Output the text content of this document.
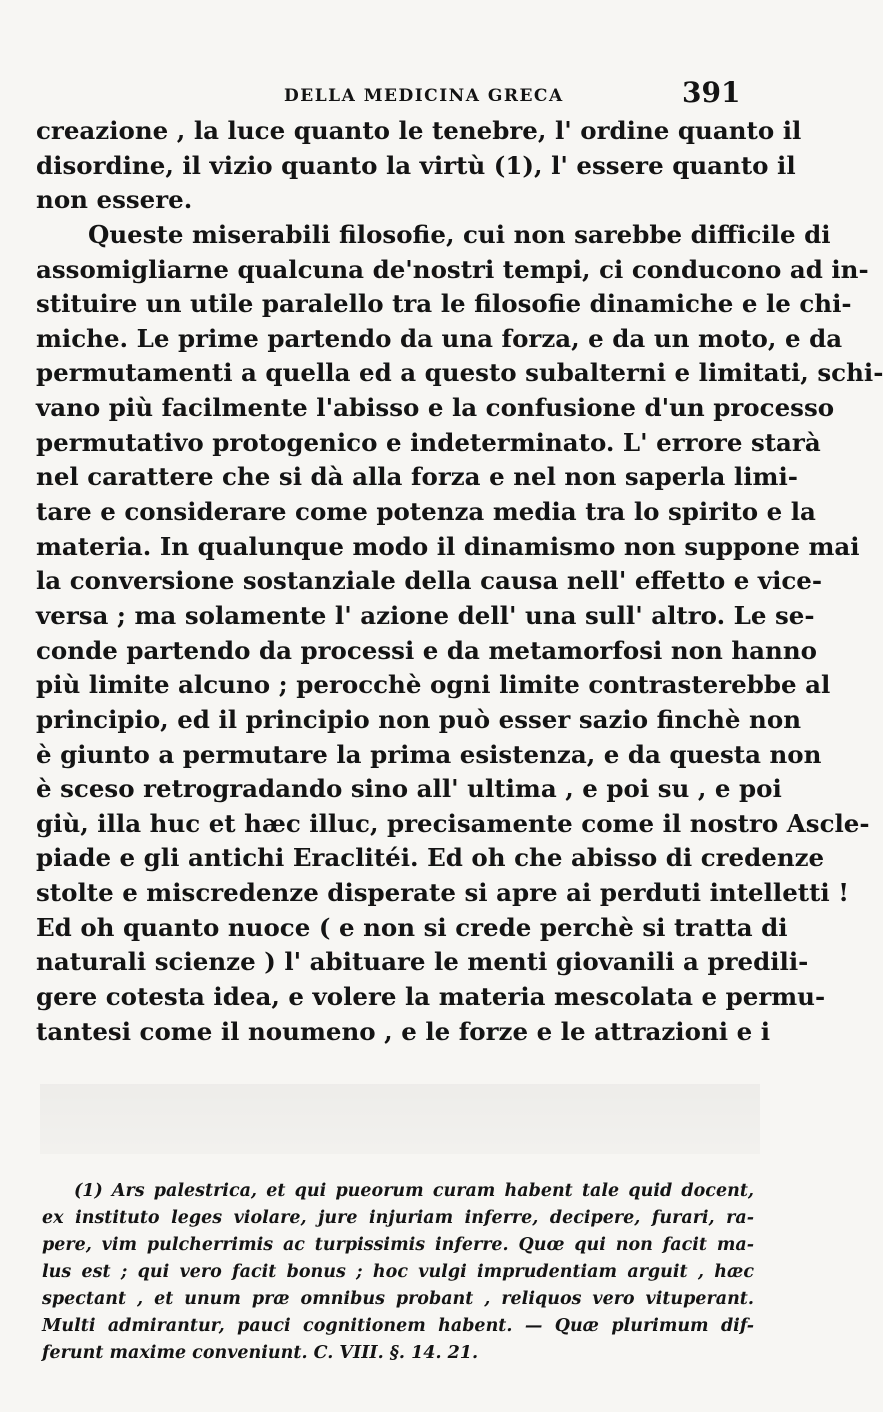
DELLA MEDICINA GRECA	391
creazione , la luce quanto le tenebre, l' ordine quanto il
disordine, il vizio quanto la virtù (1), l' essere quanto il
non essere.
Queste miserabili filosofie, cui non sarebbe difficile di
assomigliarne qualcuna de'nostri tempi, ci conducono ad in-
stituire un utile paralello tra le filosofie dinamiche e le chi-
miche. Le prime partendo da una forza, e da un moto, e da
permutamenti a quella ed a questo subalterni e limitati, schi-
vano più facilmente l'abisso e la confusione d'un processo
permutativo protogenico e indeterminato. L' errore starà
nel carattere che si dà alla forza e nel non saperla limi-
tare e considerare come potenza media tra lo spirito e la
materia. In qualunque modo il dinamismo non suppone mai
la conversione sostanziale della causa nell' effetto e vice-
versa ; ma solamente l' azione dell' una sull' altro. Le se-
conde partendo da processi e da metamorfosi non hanno
più limite alcuno ; perocchè ogni limite contrasterebbe al
principio, ed il principio non può esser sazio finchè non
è giunto a permutare la prima esistenza, e da questa non
è sceso retrogradando sino all' ultima , e poi su , e poi
giù, illa huc et hæc illuc, precisamente come il nostro Ascle-
piade e gli antichi Eraclitéi. Ed oh che abisso di credenze
stolte e miscredenze disperate si apre ai perduti intelletti !
Ed oh quanto nuoce ( e non si crede perchè si tratta di
naturali scienze ) l' abituare le menti giovanili a predili-
gere cotesta idea, e volere la materia mescolata e permu-
tantesi come il noumeno , e le forze e le attrazioni e i
(1) Ars palestrica, et qui pueorum curam habent tale quid docent,
ex instituto leges violare, jure injuriam inferre, decipere, furari, ra-
pere, vim pulcherrimis ac turpissimis inferre. Quœ qui non facit ma-
lus est ; qui vero facit bonus ; hoc vulgi imprudentiam arguit , hæc
spectant , et unum præ omnibus probant , reliquos vero vituperant.
Multi admirantur, pauci cognitionem habent. — Quæ plurimum dif-
ferunt maxime conveniunt. C. VIII. §. 14. 21.
